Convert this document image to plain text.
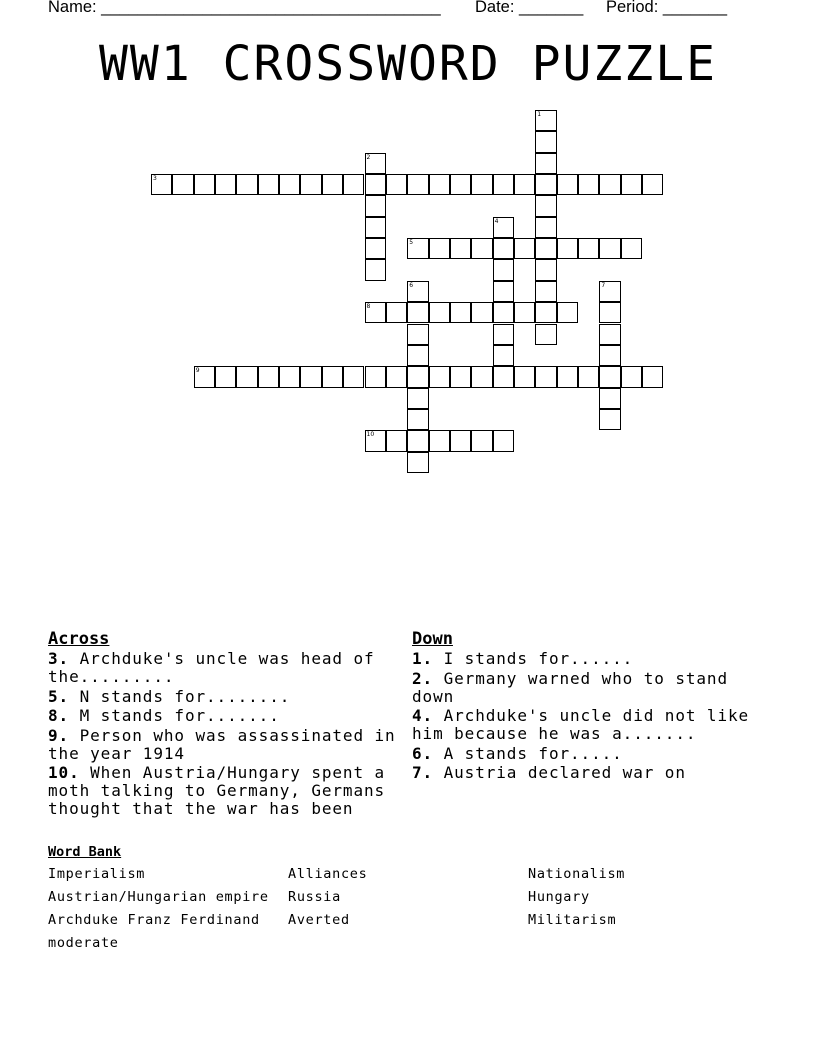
Name: _____________________________________

Date: _______

Period: _______

WW1 CROSSWORD PUZZLE
1
2
3
4
5
6	7
8
9
10
Across
3. Archduke's uncle was head of the.........
5. N stands for........
8. M stands for.......
9. Person who was assassinated in the year 1914
10. When Austria/Hungary spent a moth talking to Germany, Germans thought that the war has been
Down
1. I stands for......
2. Germany warned who to stand down
4. Archduke's uncle did not like him because he was a.......
6. A stands for.....
7. Austria declared war on
Word Bank
Imperialism	Alliances	Nationalism
Austrian/Hungarian empire Russia	Hungary
Archduke Franz Ferdinand Averted	Militarism
moderate
